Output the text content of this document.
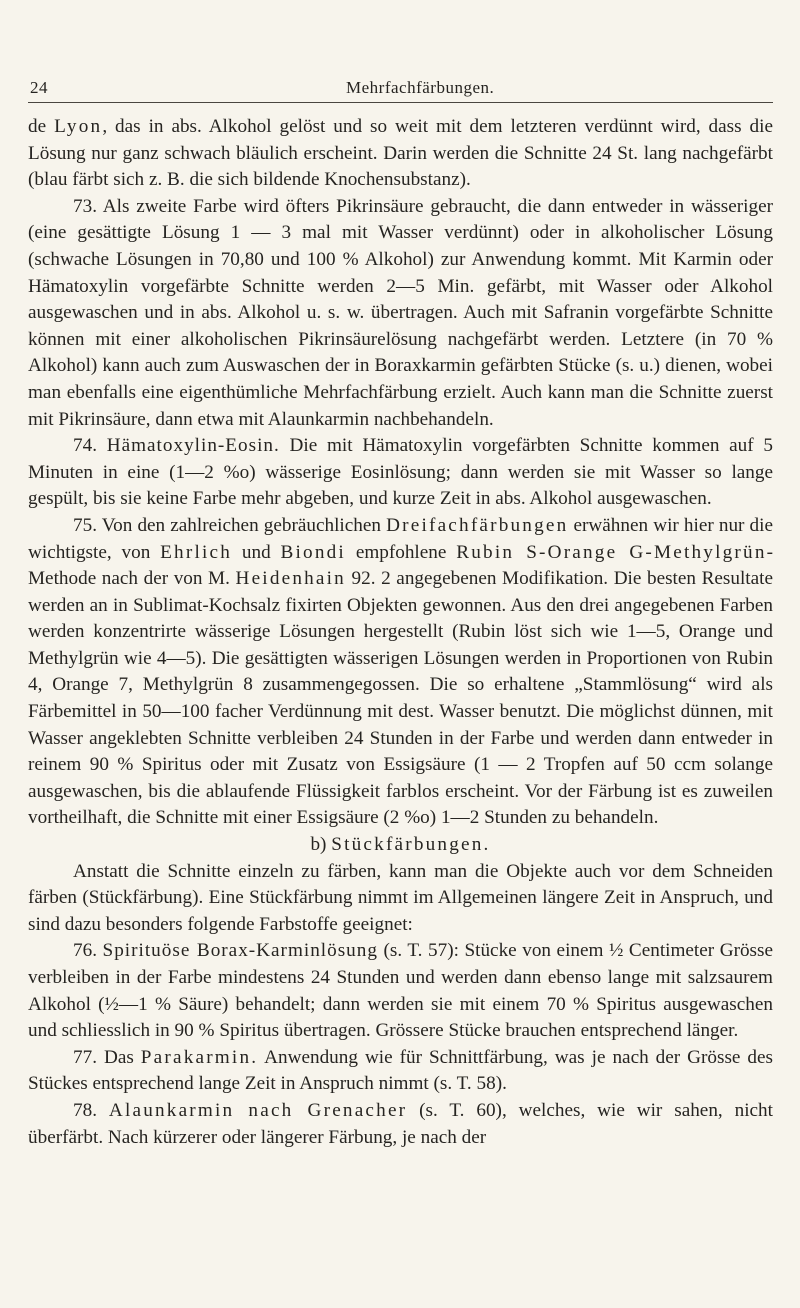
24	Mehrfachfärbungen.

de Lyon, das in abs. Alkohol gelöst und so weit mit dem letzteren verdünnt wird, dass die Lösung nur ganz schwach bläulich erscheint. Darin werden die Schnitte 24 St. lang nachgefärbt (blau färbt sich z. B. die sich bildende Knochensubstanz).

73. Als zweite Farbe wird öfters Pikrinsäure gebraucht, die dann entweder in wässeriger (eine gesättigte Lösung 1 — 3 mal mit Wasser verdünnt) oder in alkoholischer Lösung (schwache Lösungen in 70,80 und 100 % Alkohol) zur Anwendung kommt. Mit Karmin oder Hämatoxylin vorgefärbte Schnitte werden 2—5 Min. gefärbt, mit Wasser oder Alkohol ausgewaschen und in abs. Alkohol u. s. w. übertragen. Auch mit Safranin vorgefärbte Schnitte können mit einer alkoholischen Pikrinsäurelösung nachgefärbt werden. Letztere (in 70 % Alkohol) kann auch zum Auswaschen der in Boraxkarmin gefärbten Stücke (s. u.) dienen, wobei man ebenfalls eine eigenthümliche Mehrfachfärbung erzielt. Auch kann man die Schnitte zuerst mit Pikrinsäure, dann etwa mit Alaunkarmin nachbehandeln.

74. Hämatoxylin-Eosin. Die mit Hämatoxylin vorgefärbten Schnitte kommen auf 5 Minuten in eine (1—2 %o) wässerige Eosinlösung; dann werden sie mit Wasser so lange gespült, bis sie keine Farbe mehr abgeben, und kurze Zeit in abs. Alkohol ausgewaschen.

75. Von den zahlreichen gebräuchlichen Dreifachfärbungen erwähnen wir hier nur die wichtigste, von Ehrlich und Biondi empfohlene Rubin S-Orange G-Methylgrün-Methode nach der von M. Heidenhain 92. 2 angegebenen Modifikation. Die besten Resultate werden an in Sublimat-Kochsalz fixirten Objekten gewonnen. Aus den drei angegebenen Farben werden konzentrirte wässerige Lösungen hergestellt (Rubin löst sich wie 1—5, Orange und Methylgrün wie 4—5). Die gesättigten wässerigen Lösungen werden in Proportionen von Rubin 4, Orange 7, Methylgrün 8 zusammengegossen. Die so erhaltene „Stammlösung“ wird als Färbemittel in 50—100 facher Verdünnung mit dest. Wasser benutzt. Die möglichst dünnen, mit Wasser angeklebten Schnitte verbleiben 24 Stunden in der Farbe und werden dann entweder in reinem 90 % Spiritus oder mit Zusatz von Essigsäure (1 — 2 Tropfen auf 50 ccm solange ausgewaschen, bis die ablaufende Flüssigkeit farblos erscheint. Vor der Färbung ist es zuweilen vortheilhaft, die Schnitte mit einer Essigsäure (2 %o) 1—2 Stunden zu behandeln.

b) Stückfärbungen.

Anstatt die Schnitte einzeln zu färben, kann man die Objekte auch vor dem Schneiden färben (Stückfärbung). Eine Stückfärbung nimmt im Allgemeinen längere Zeit in Anspruch, und sind dazu besonders folgende Farbstoffe geeignet:

76. Spirituöse Borax-Karminlösung (s. T. 57): Stücke von einem ½ Centimeter Grösse verbleiben in der Farbe mindestens 24 Stunden und werden dann ebenso lange mit salzsaurem Alkohol (½—1 % Säure) behandelt; dann werden sie mit einem 70 % Spiritus ausgewaschen und schliesslich in 90 % Spiritus übertragen. Grössere Stücke brauchen entsprechend länger.

77. Das Parakarmin. Anwendung wie für Schnittfärbung, was je nach der Grösse des Stückes entsprechend lange Zeit in Anspruch nimmt (s. T. 58).

78. Alaunkarmin nach Grenacher (s. T. 60), welches, wie wir sahen, nicht überfärbt. Nach kürzerer oder längerer Färbung, je nach der
